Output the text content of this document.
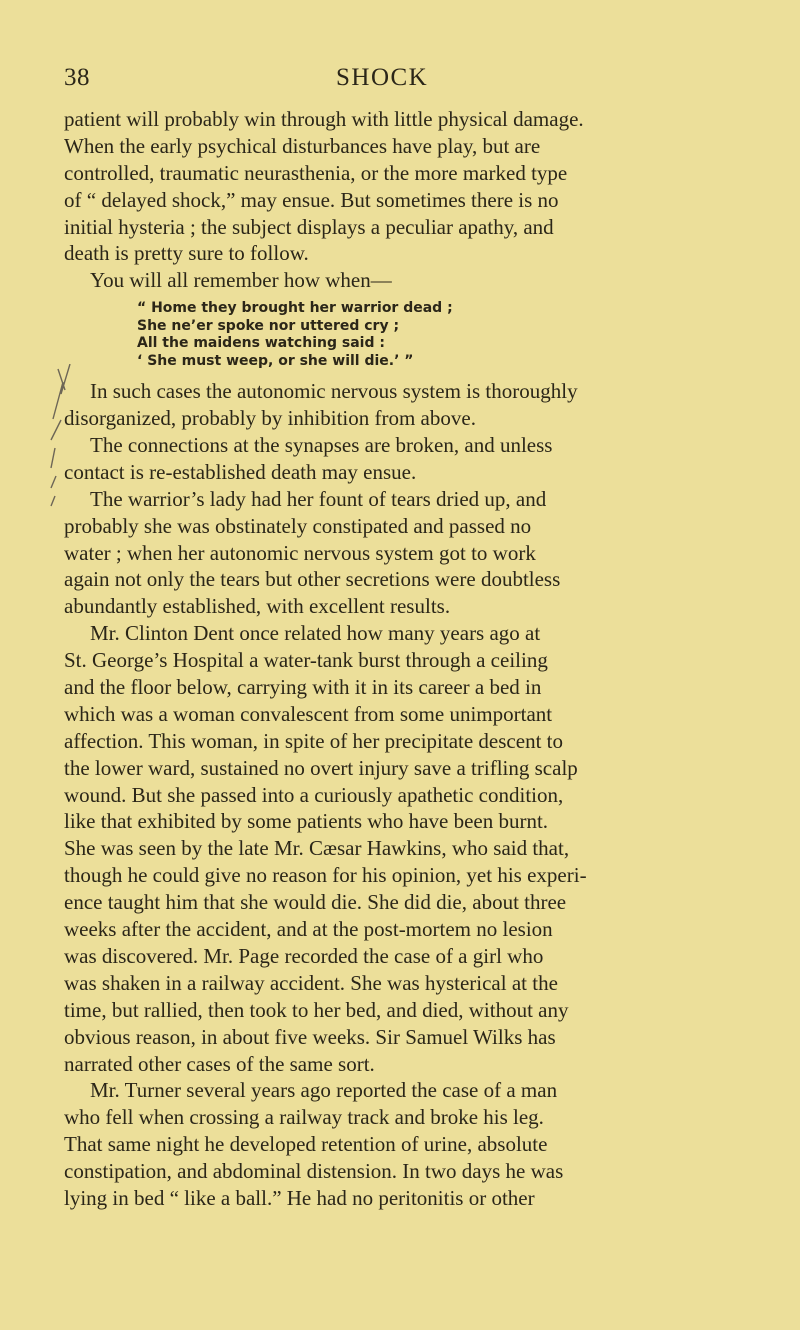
38	SHOCK
patient will probably win through with little physical damage.
When the early psychical disturbances have play, but are
controlled, traumatic neurasthenia, or the more marked type
of “ delayed shock,” may ensue. But sometimes there is no
initial hysteria ; the subject displays a peculiar apathy, and
death is pretty sure to follow.
You will all remember how when—
“ Home they brought her warrior dead ;
She ne’er spoke nor uttered cry ;
All the maidens watching said :
‘ She must weep, or she will die.’ ”
In such cases the autonomic nervous system is thoroughly
disorganized, probably by inhibition from above.
The connections at the synapses are broken, and unless
contact is re-established death may ensue.
The warrior’s lady had her fount of tears dried up, and
probably she was obstinately constipated and passed no
water ; when her autonomic nervous system got to work
again not only the tears but other secretions were doubtless
abundantly established, with excellent results.
Mr. Clinton Dent once related how many years ago at
St. George’s Hospital a water-tank burst through a ceiling
and the floor below, carrying with it in its career a bed in
which was a woman convalescent from some unimportant
affection. This woman, in spite of her precipitate descent to
the lower ward, sustained no overt injury save a trifling scalp
wound. But she passed into a curiously apathetic condition,
like that exhibited by some patients who have been burnt.
She was seen by the late Mr. Cæsar Hawkins, who said that,
though he could give no reason for his opinion, yet his experi-
ence taught him that she would die. She did die, about three
weeks after the accident, and at the post-mortem no lesion
was discovered. Mr. Page recorded the case of a girl who
was shaken in a railway accident. She was hysterical at the
time, but rallied, then took to her bed, and died, without any
obvious reason, in about five weeks. Sir Samuel Wilks has
narrated other cases of the same sort.
Mr. Turner several years ago reported the case of a man
who fell when crossing a railway track and broke his leg.
That same night he developed retention of urine, absolute
constipation, and abdominal distension. In two days he was
lying in bed “ like a ball.” He had no peritonitis or other
